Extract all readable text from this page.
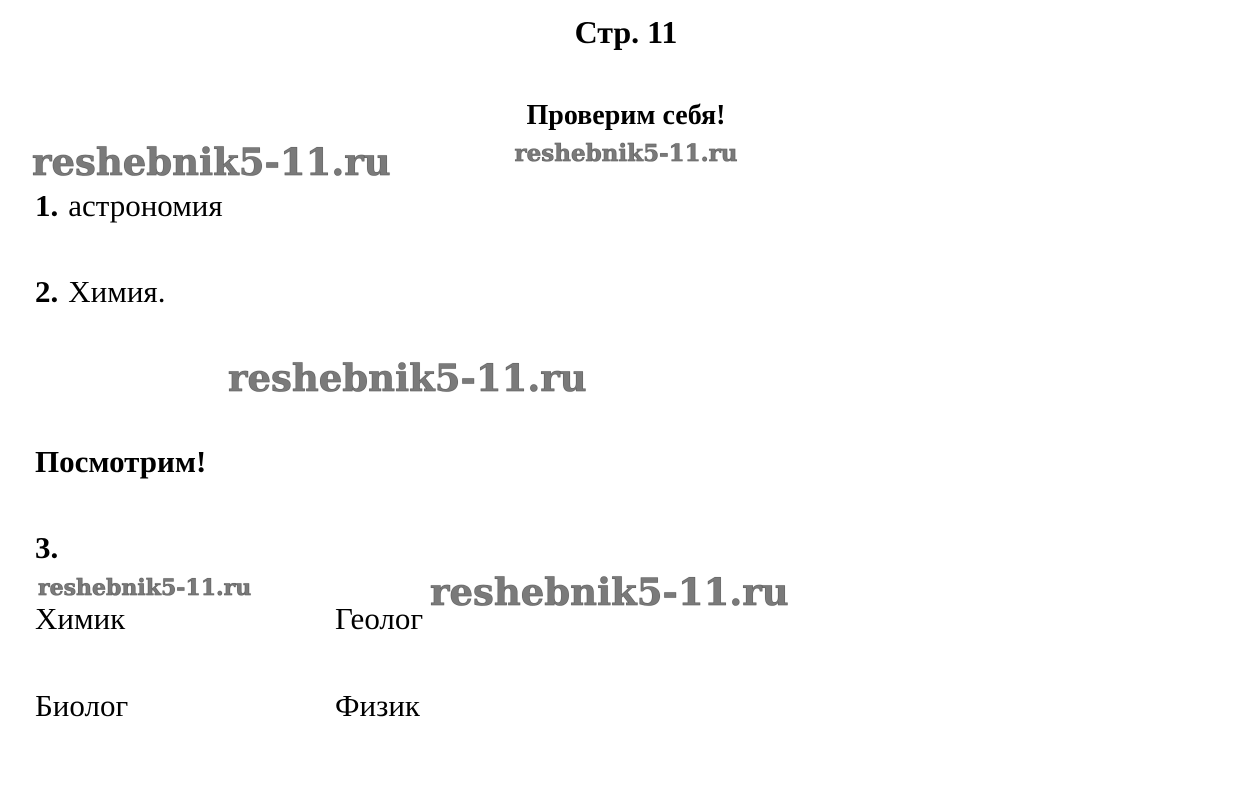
Стр. 11
Проверим себя!
reshebnik5-11.ru
reshebnik5-11.ru
1. астрономия
2. Химия.
reshebnik5-11.ru
Посмотрим!
3.
reshebnik5-11.ru	reshebnik5-11.ru
Химик	Геолог
Биолог	Физик
